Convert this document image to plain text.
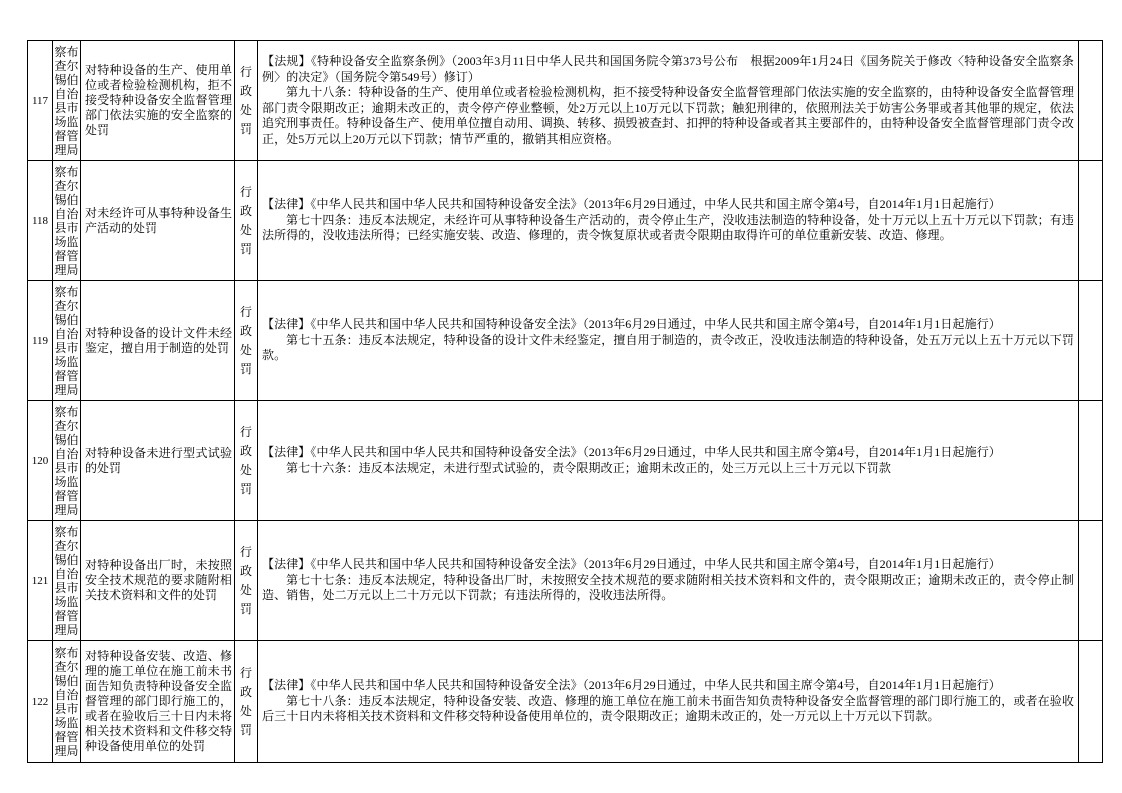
117	察布查尔锡伯自治县市场监督管理局	对特种设备的生产、使用单位或者检验检测机构，拒不接受特种设备安全监督管理部门依法实施的安全监察的处罚	行政处罚	【法规】《特种设备安全监察条例》（2003年3月11日中华人民共和国国务院令第373号公布　根据2009年1月24日《国务院关于修改〈特种设备安全监察条例〉的决定》（国务院令第549号）修订）
第九十八条：特种设备的生产、使用单位或者检验检测机构，拒不接受特种设备安全监督管理部门依法实施的安全监察的，由特种设备安全监督管理部门责令限期改正；逾期未改正的，责令停产停业整顿，处2万元以上10万元以下罚款；触犯刑律的，依照刑法关于妨害公务罪或者其他罪的规定，依法追究刑事责任。特种设备生产、使用单位擅自动用、调换、转移、损毁被查封、扣押的特种设备或者其主要部件的，由特种设备安全监督管理部门责令改正，处5万元以上20万元以下罚款；情节严重的，撤销其相应资格。	

118	察布查尔锡伯自治县市场监督管理局	对未经许可从事特种设备生产活动的处罚	行政处罚	【法律】《中华人民共和国中华人民共和国特种设备安全法》（2013年6月29日通过，中华人民共和国主席令第4号，自2014年1月1日起施行）
第七十四条：违反本法规定，未经许可从事特种设备生产活动的，责令停止生产，没收违法制造的特种设备，处十万元以上五十万元以下罚款；有违法所得的，没收违法所得；已经实施安装、改造、修理的，责令恢复原状或者责令限期由取得许可的单位重新安装、改造、修理。	

119	察布查尔锡伯自治县市场监督管理局	对特种设备的设计文件未经鉴定，擅自用于制造的处罚	行政处罚	【法律】《中华人民共和国中华人民共和国特种设备安全法》（2013年6月29日通过，中华人民共和国主席令第4号，自2014年1月1日起施行）
第七十五条：违反本法规定，特种设备的设计文件未经鉴定，擅自用于制造的，责令改正，没收违法制造的特种设备，处五万元以上五十万元以下罚款。	

120	察布查尔锡伯自治县市场监督管理局	对特种设备未进行型式试验的处罚	行政处罚	【法律】《中华人民共和国中华人民共和国特种设备安全法》（2013年6月29日通过，中华人民共和国主席令第4号，自2014年1月1日起施行）
第七十六条：违反本法规定，未进行型式试验的，责令限期改正；逾期未改正的，处三万元以上三十万元以下罚款	

121	察布查尔锡伯自治县市场监督管理局	对特种设备出厂时，未按照安全技术规范的要求随附相关技术资料和文件的处罚	行政处罚	【法律】《中华人民共和国中华人民共和国特种设备安全法》（2013年6月29日通过，中华人民共和国主席令第4号，自2014年1月1日起施行）
第七十七条：违反本法规定，特种设备出厂时，未按照安全技术规范的要求随附相关技术资料和文件的，责令限期改正；逾期未改正的，责令停止制造、销售，处二万元以上二十万元以下罚款；有违法所得的，没收违法所得。	

122	察布查尔锡伯自治县市场监督管理局	对特种设备安装、改造、修理的施工单位在施工前未书面告知负责特种设备安全监督管理的部门即行施工的，或者在验收后三十日内未将相关技术资料和文件移交特种设备使用单位的处罚	行政处罚	【法律】《中华人民共和国中华人民共和国特种设备安全法》（2013年6月29日通过，中华人民共和国主席令第4号，自2014年1月1日起施行）
第七十八条：违反本法规定，特种设备安装、改造、修理的施工单位在施工前未书面告知负责特种设备安全监督管理的部门即行施工的，或者在验收后三十日内未将相关技术资料和文件移交特种设备使用单位的，责令限期改正；逾期未改正的，处一万元以上十万元以下罚款。	
